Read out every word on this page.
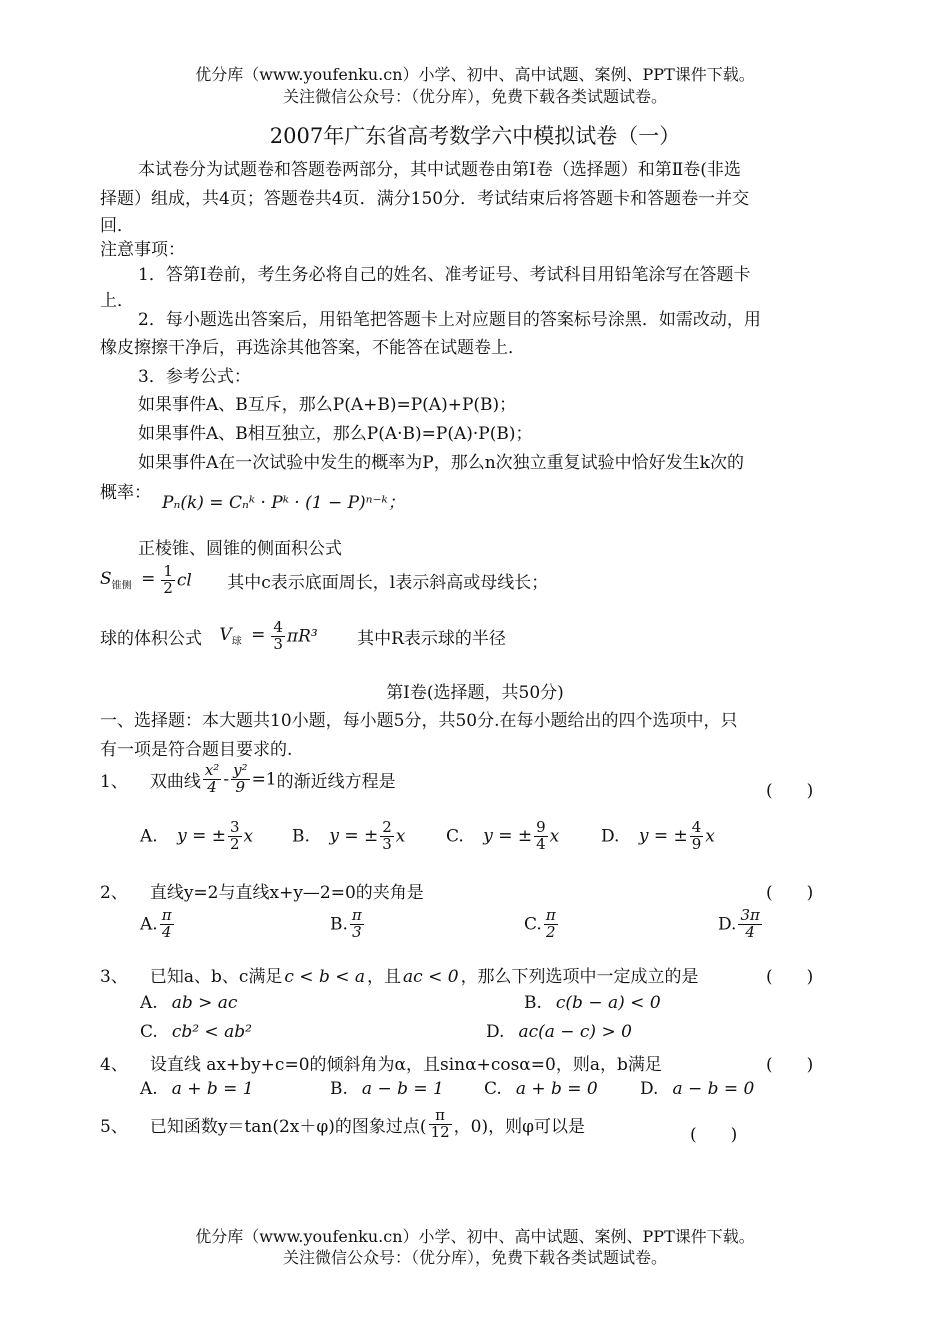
优分库（www.youfenku.cn）小学、初中、高中试题、案例、PPT课件下载。
关注微信公众号：（优分库），免费下载各类试题试卷。
2007年广东省高考数学六中模拟试卷（一）
本试卷分为试题卷和答题卷两部分，其中试题卷由第Ⅰ卷（选择题）和第Ⅱ卷(非选
择题）组成，共4页；答题卷共4页．满分150分．考试结束后将答题卡和答题卷一并交
回．
注意事项：
1．答第Ⅰ卷前，考生务必将自己的姓名、准考证号、考试科目用铅笔涂写在答题卡
上．
2．每小题选出答案后，用铅笔把答题卡上对应题目的答案标号涂黑．如需改动，用
橡皮擦擦干净后，再选涂其他答案，不能答在试题卷上．
3．参考公式：
如果事件A、B互斥，那么P(A+B)=P(A)+P(B)；
如果事件A、B相互独立，那么P(A·B)=P(A)·P(B)；
如果事件A在一次试验中发生的概率为P，那么n次独立重复试验中恰好发生k次的
概率： Pₙ(k) = Cₙᵏ · Pᵏ · (1 − P)ⁿ⁻ᵏ；
正棱锥、圆锥的侧面积公式
$S_{锥侧} = \frac{1}{2}$ cl 其中c表示底面周长，l表示斜高或母线长；
球的体积公式 $V_球 = \frac{4}{3} \pi R^3$ 其中R表示球的半径
第Ⅰ卷(选择题，共50分)
一、选择题：本大题共10小题，每小题5分，共50分.在每小题给出的四个选项中，只
有一项是符合题目要求的.
1、 双曲线 $\frac{\text{x²}}{4} - \frac{\text{y²}}{9} =1$的渐近线方程是	(　　)
A. y = ± $\frac{3}{2}$ x B. y = ± $\frac{2}{3}$ x C. y = ± $\frac{9}{4}$ x D. y = ± $\frac{4}{9}$ x
2、 直线y=2与直线x+y—2=0的夹角是	(　　)
A. $\frac{\pi}{4}$	B. $\frac{\pi}{3}$	C. $\frac{\pi}{2}$	D. $\frac{3\pi}{4}$
3、 已知a、b、c满足 c < b < a ，且 ac < 0 ，那么下列选项中一定成立的是	(　　)
A. ab > ac	B. c(b − a) < 0
C. cb² < ab²	D. ac(a − c) > 0
4、 设直线 ax+by+c=0的倾斜角为α，且sinα+cosα=0，则a，b满足	(　　)
A. a + b = 1	B. a − b = 1 C. a + b = 0 D. a − b = 0
5、 已知函数y＝tan(2x＋φ)的图象过点( $\frac{\pi}{12}$ ，0)，则φ可以是	(　　)
优分库（www.youfenku.cn）小学、初中、高中试题、案例、PPT课件下载。
关注微信公众号：（优分库），免费下载各类试题试卷。
